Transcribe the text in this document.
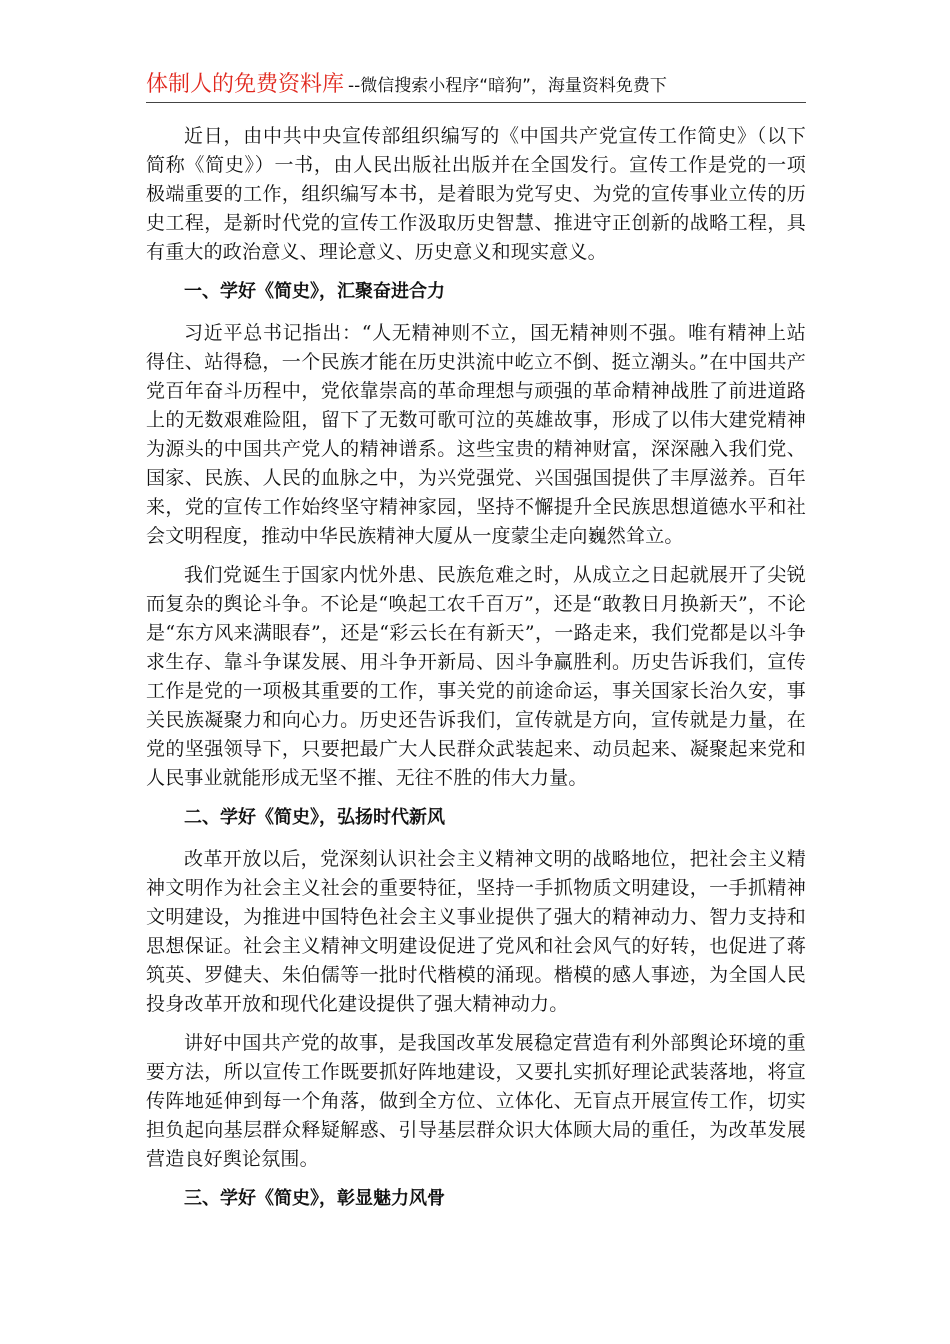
体制人的免费资料库 --微信搜索小程序“暗狗”，海量资料免费下

近日，由中共中央宣传部组织编写的《中国共产党宣传工作简史》（以下简称《简史》）一书，由人民出版社出版并在全国发行。宣传工作是党的一项极端重要的工作，组织编写本书，是着眼为党写史、为党的宣传事业立传的历史工程，是新时代党的宣传工作汲取历史智慧、推进守正创新的战略工程，具有重大的政治意义、理论意义、历史意义和现实意义。

一、学好《简史》，汇聚奋进合力

习近平总书记指出：“人无精神则不立，国无精神则不强。唯有精神上站得住、站得稳，一个民族才能在历史洪流中屹立不倒、挺立潮头。”在中国共产党百年奋斗历程中，党依靠崇高的革命理想与顽强的革命精神战胜了前进道路上的无数艰难险阻，留下了无数可歌可泣的英雄故事，形成了以伟大建党精神为源头的中国共产党人的精神谱系。这些宝贵的精神财富，深深融入我们党、国家、民族、人民的血脉之中，为兴党强党、兴国强国提供了丰厚滋养。百年来，党的宣传工作始终坚守精神家园，坚持不懈提升全民族思想道德水平和社会文明程度，推动中华民族精神大厦从一度蒙尘走向巍然耸立。

我们党诞生于国家内忧外患、民族危难之时，从成立之日起就展开了尖锐而复杂的舆论斗争。不论是“唤起工农千百万”，还是“敢教日月换新天”，不论是“东方风来满眼春”，还是“彩云长在有新天”，一路走来，我们党都是以斗争求生存、靠斗争谋发展、用斗争开新局、因斗争赢胜利。历史告诉我们，宣传工作是党的一项极其重要的工作，事关党的前途命运，事关国家长治久安，事关民族凝聚力和向心力。历史还告诉我们，宣传就是方向，宣传就是力量，在党的坚强领导下，只要把最广大人民群众武装起来、动员起来、凝聚起来党和人民事业就能形成无坚不摧、无往不胜的伟大力量。

二、学好《简史》，弘扬时代新风

改革开放以后，党深刻认识社会主义精神文明的战略地位，把社会主义精神文明作为社会主义社会的重要特征，坚持一手抓物质文明建设，一手抓精神文明建设，为推进中国特色社会主义事业提供了强大的精神动力、智力支持和思想保证。社会主义精神文明建设促进了党风和社会风气的好转，也促进了蒋筑英、罗健夫、朱伯儒等一批时代楷模的涌现。楷模的感人事迹，为全国人民投身改革开放和现代化建设提供了强大精神动力。

讲好中国共产党的故事，是我国改革发展稳定营造有利外部舆论环境的重要方法，所以宣传工作既要抓好阵地建设，又要扎实抓好理论武装落地，将宣传阵地延伸到每一个角落，做到全方位、立体化、无盲点开展宣传工作，切实担负起向基层群众释疑解惑、引导基层群众识大体顾大局的重任，为改革发展营造良好舆论氛围。

三、学好《简史》，彰显魅力风骨
